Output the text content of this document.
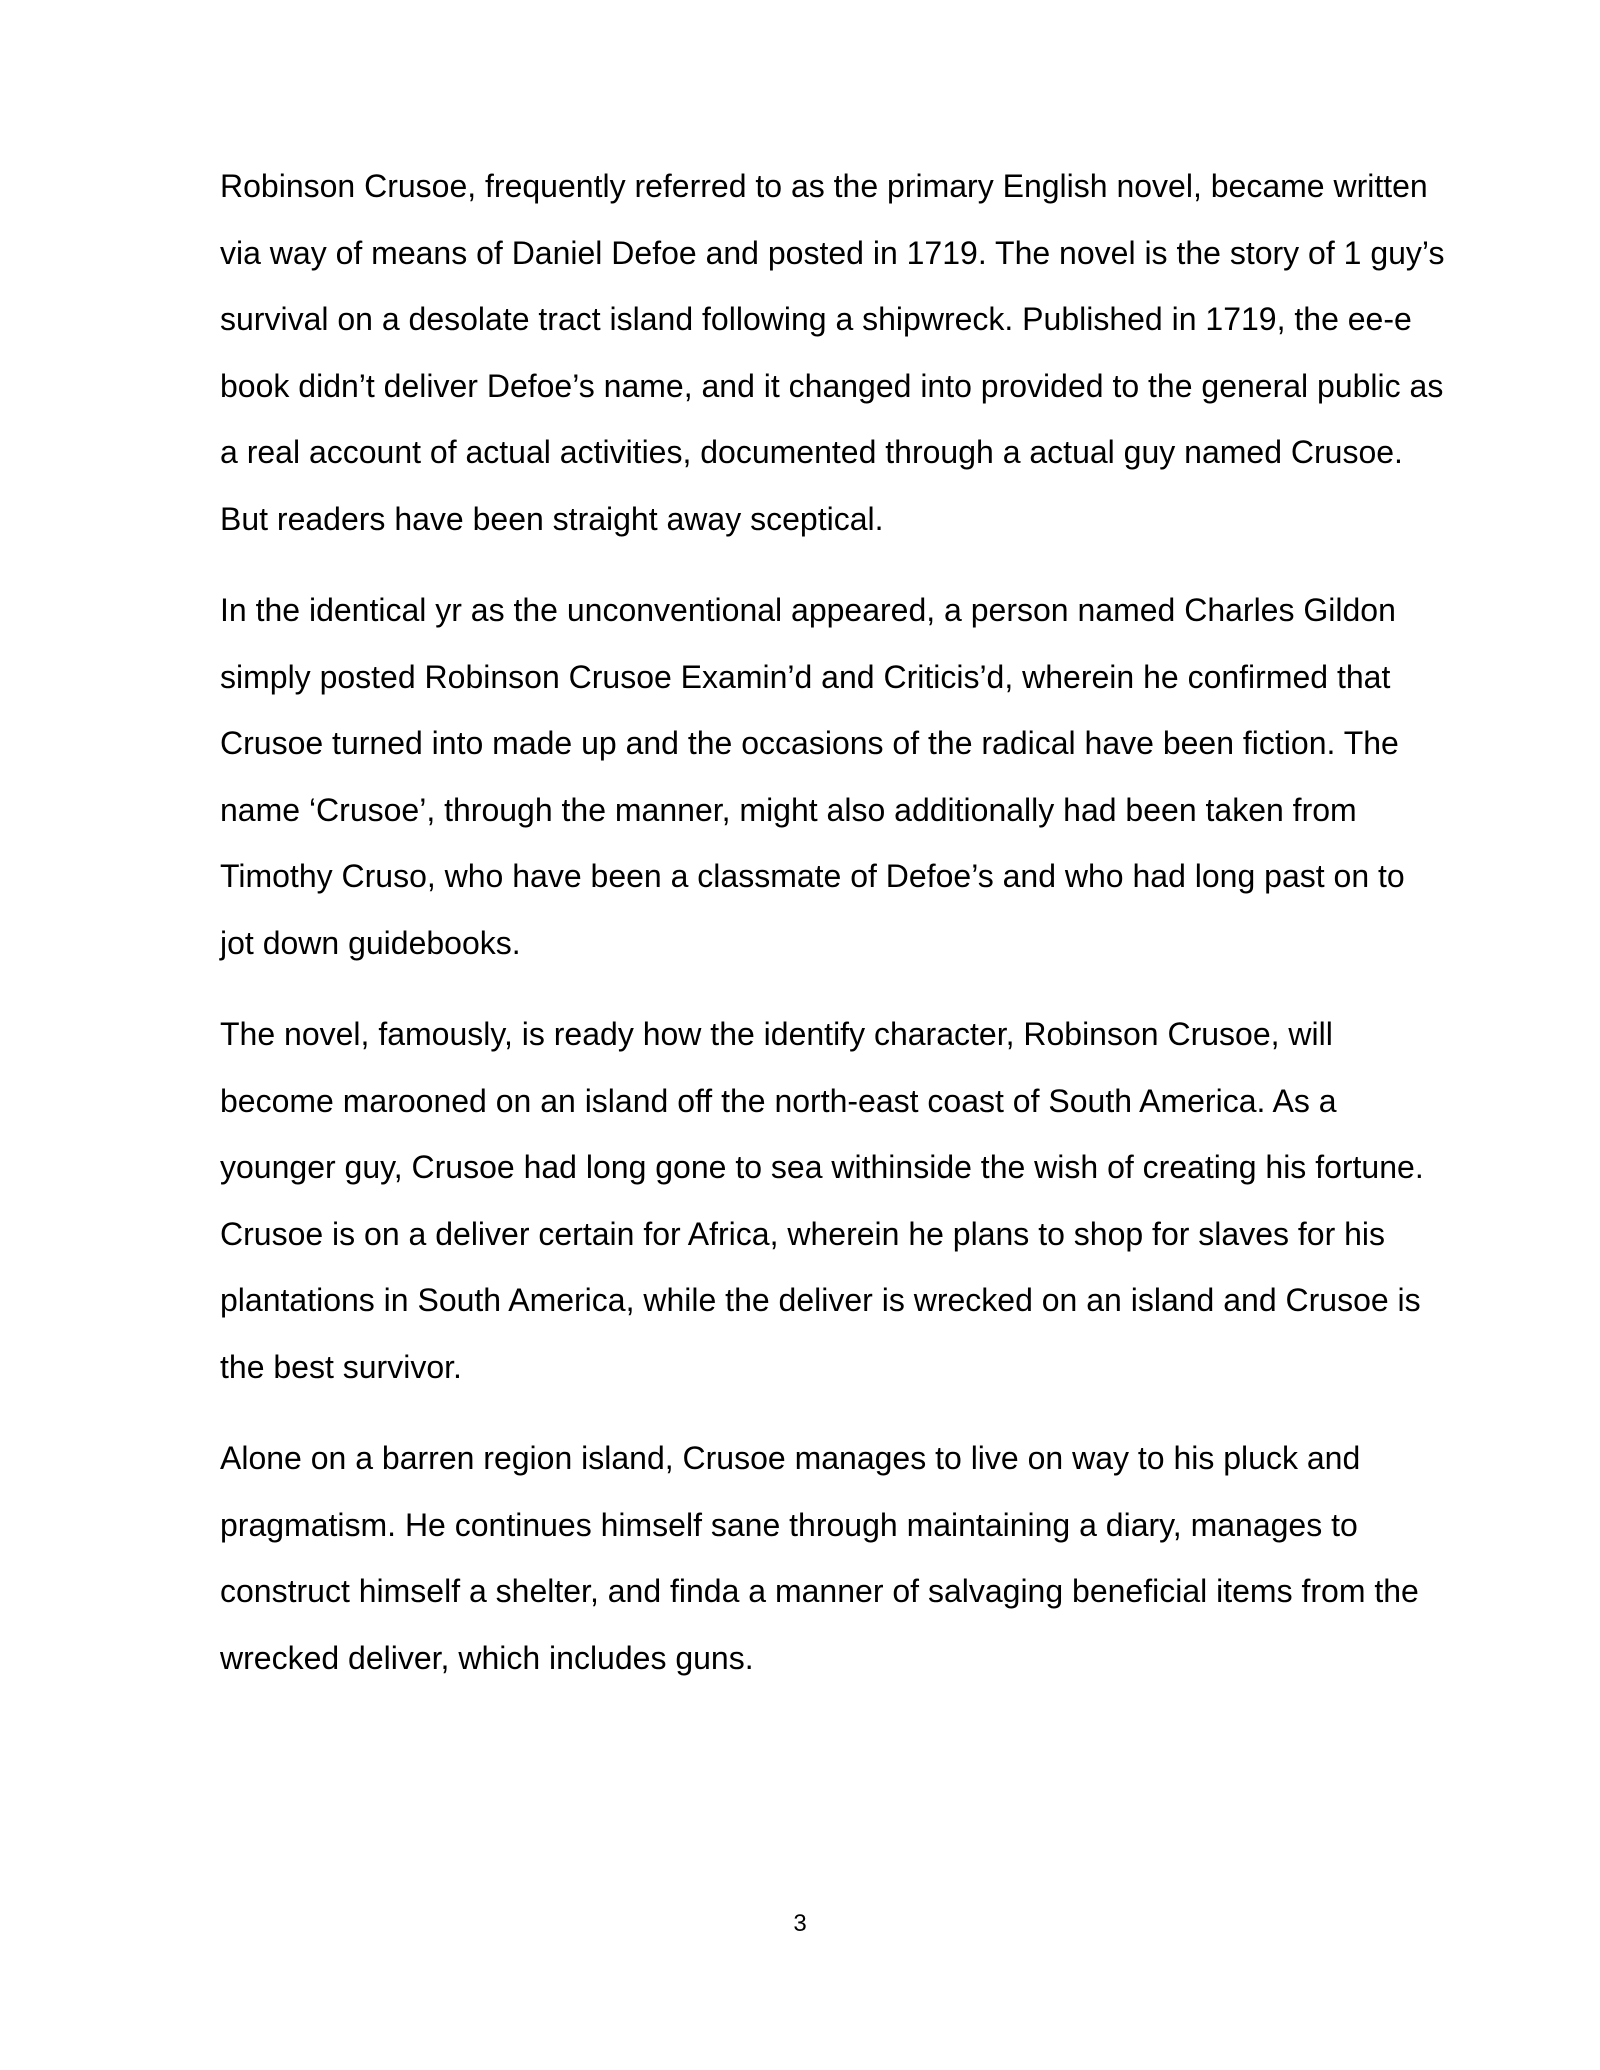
Robinson Crusoe, frequently referred to as the primary English novel, became written via way of means of Daniel Defoe and posted in 1719. The novel is the story of 1 guy’s survival on a desolate tract island following a shipwreck. Published in 1719, the ee-e book didn’t deliver Defoe’s name, and it changed into provided to the general public as a real account of actual activities, documented through a actual guy named Crusoe. But readers have been straight away sceptical.

In the identical yr as the unconventional appeared, a person named Charles Gildon simply posted Robinson Crusoe Examin’d and Criticis’d, wherein he confirmed that Crusoe turned into made up and the occasions of the radical have been fiction. The name ‘Crusoe’, through the manner, might also additionally had been taken from Timothy Cruso, who have been a classmate of Defoe’s and who had long past on to jot down guidebooks.

The novel, famously, is ready how the identify character, Robinson Crusoe, will become marooned on an island off the north-east coast of South America. As a younger guy, Crusoe had long gone to sea withinside the wish of creating his fortune. Crusoe is on a deliver certain for Africa, wherein he plans to shop for slaves for his plantations in South America, while the deliver is wrecked on an island and Crusoe is the best survivor.

Alone on a barren region island, Crusoe manages to live on way to his pluck and pragmatism. He continues himself sane through maintaining a diary, manages to construct himself a shelter, and finda a manner of salvaging beneficial items from the wrecked deliver, which includes guns.

3
